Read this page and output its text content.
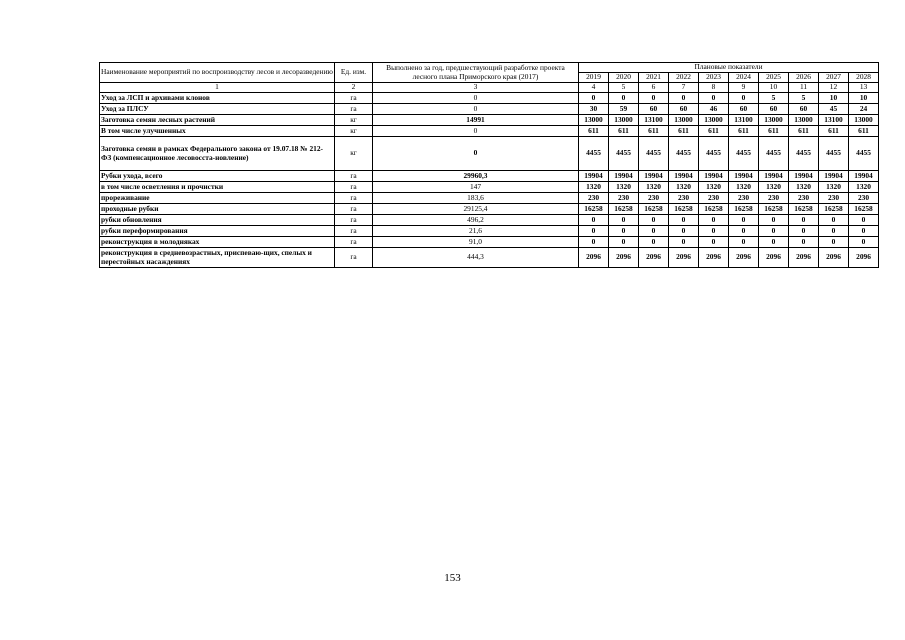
Наименование мероприятий по воспроизводству лесов и лесоразведению	Ед. изм.	Выполнено за год, предшествующий разработке проекта лесного плана Приморского края (2017)	Плановые показатели									
			2019	2020	2021	2022	2023	2024	2025	2026	2027	2028
1	2	3	4	5	6	7	8	9	10	11	12	13
Уход за ЛСП и архивами клонов	га	0	0	0	0	0	0	0	5	5	10	10
Уход за ПЛСУ	га	0	30	59	60	60	46	60	60	60	45	24
Заготовка семян лесных растений	кг	14991	13000	13000	13100	13000	13000	13100	13000	13000	13100	13000
В том числе улучшенных	кг	0	611	611	611	611	611	611	611	611	611	611
Заготовка семян в рамках Федерального закона от 19.07.18 № 212-ФЗ (компенсационное лесовосста-новление)	кг	0	4455	4455	4455	4455	4455	4455	4455	4455	4455	4455
Рубки ухода, всего	га	29960,3	19904	19904	19904	19904	19904	19904	19904	19904	19904	19904
в том числе осветления и прочистки	га	147	1320	1320	1320	1320	1320	1320	1320	1320	1320	1320
прореживание	га	183,6	230	230	230	230	230	230	230	230	230	230
проходные рубки	га	29125,4	16258	16258	16258	16258	16258	16258	16258	16258	16258	16258
рубки обновления	га	496,2	0	0	0	0	0	0	0	0	0	0
рубки переформирования	га	21,6	0	0	0	0	0	0	0	0	0	0
реконструкция в молодняках	га	91,0	0	0	0	0	0	0	0	0	0	0
реконструкция в средневозрастных, приспеваю-щих, спелых и перестойных насаждениях	га	444,3	2096	2096	2096	2096	2096	2096	2096	2096	2096	2096
153
